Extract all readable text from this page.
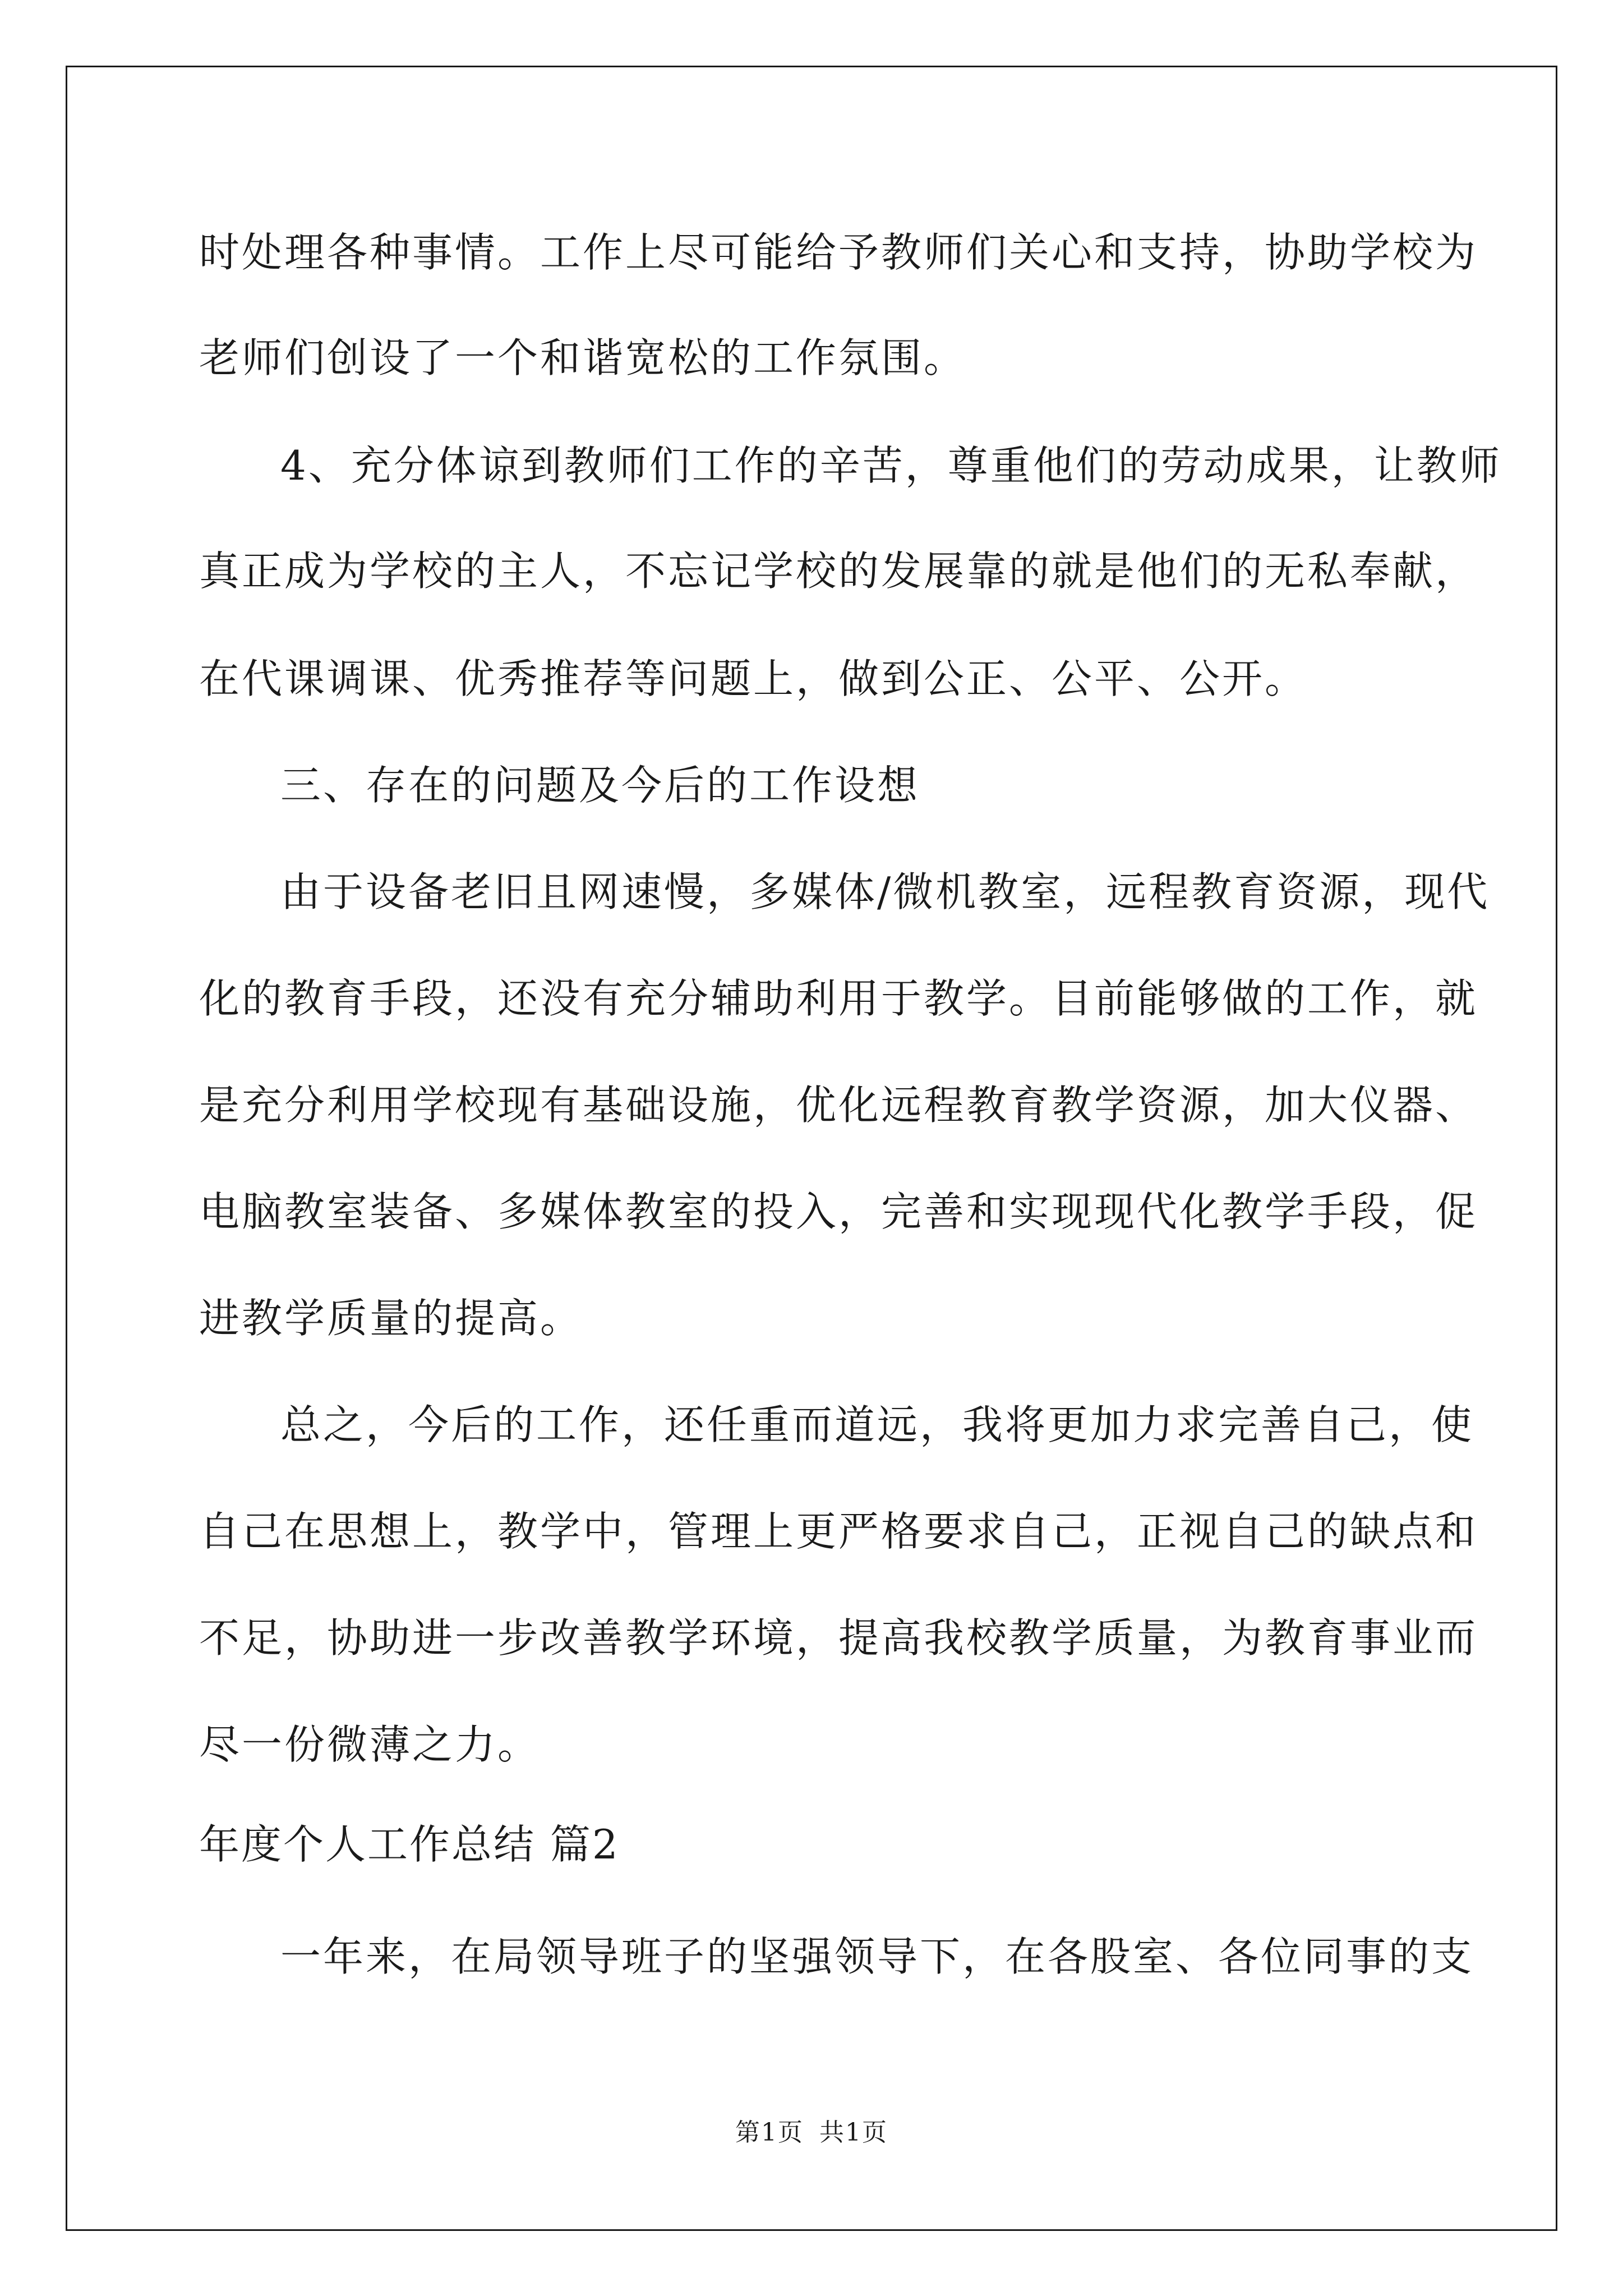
时处理各种事情。工作上尽可能给予教师们关心和支持，协助学校为
老师们创设了一个和谐宽松的工作氛围。
4、充分体谅到教师们工作的辛苦，尊重他们的劳动成果，让教师
真正成为学校的主人，不忘记学校的发展靠的就是他们的无私奉献，
在代课调课、优秀推荐等问题上，做到公正、公平、公开。
三、存在的问题及今后的工作设想
由于设备老旧且网速慢，多媒体/微机教室，远程教育资源，现代
化的教育手段，还没有充分辅助利用于教学。目前能够做的工作，就
是充分利用学校现有基础设施，优化远程教育教学资源，加大仪器、
电脑教室装备、多媒体教室的投入，完善和实现现代化教学手段，促
进教学质量的提高。
总之，今后的工作，还任重而道远，我将更加力求完善自己，使
自己在思想上，教学中，管理上更严格要求自己，正视自己的缺点和
不足，协助进一步改善教学环境，提高我校教学质量，为教育事业而
尽一份微薄之力。
年度个人工作总结 篇2
一年来，在局领导班子的坚强领导下，在各股室、各位同事的支
第1页 共1页
